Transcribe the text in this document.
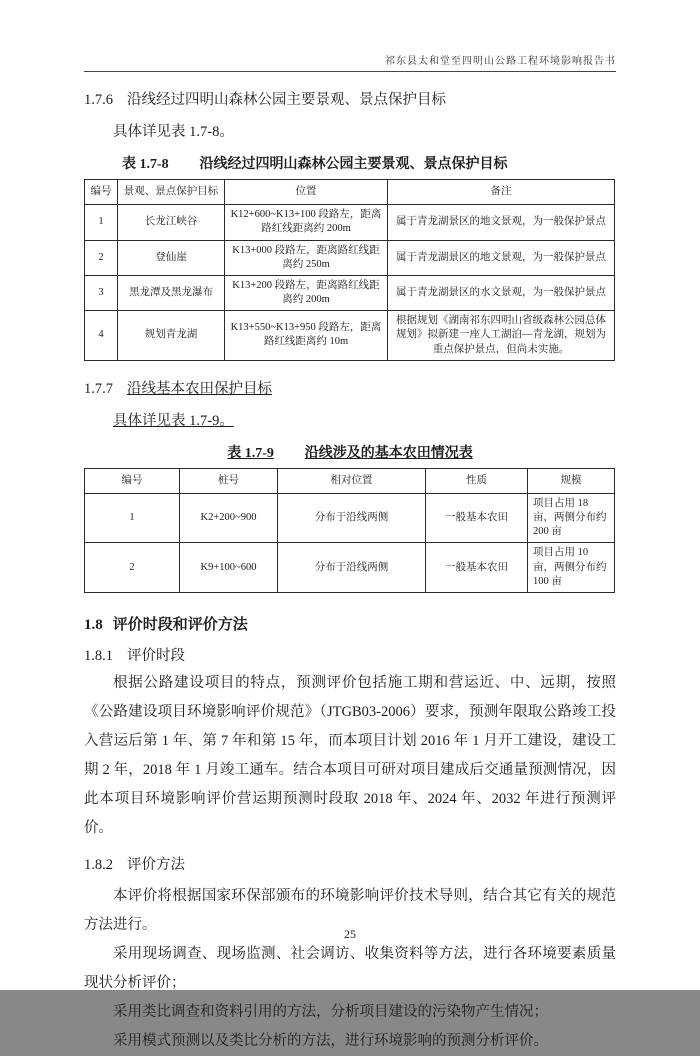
祁东县太和堂至四明山公路工程环境影响报告书
1.7.6 沿线经过四明山森林公园主要景观、景点保护目标
具体详见表 1.7-8。
表 1.7-8 沿线经过四明山森林公园主要景观、景点保护目标
编号	景观、景点保护目标	位置	备注
1	长龙江峡谷	K12+600~K13+100 段路左，距离路红线距离约 200m	属于青龙湖景区的地文景观，为一般保护景点
2	登仙崖	K13+000 段路左，距离路红线距离约 250m	属于青龙湖景区的地文景观，为一般保护景点
3	黑龙潭及黑龙瀑布	K13+200 段路左，距离路红线距离约 200m	属于青龙湖景区的水文景观，为一般保护景点
4	规划青龙湖	K13+550~K13+950 段路左，距离路红线距离约 10m	根据规划《湖南祁东四明山省级森林公园总体规划》拟新建一座人工湖泊—青龙湖，规划为重点保护景点，但尚未实施。
1.7.7 沿线基本农田保护目标
具体详见表 1.7-9。
表 1.7-9 沿线涉及的基本农田情况表
编号	桩号	相对位置	性质	规模
1	K2+200~900	分布于沿线两侧	一般基本农田	项目占用 18 亩，两侧分布约 200 亩
2	K9+100~600	分布于沿线两侧	一般基本农田	项目占用 10 亩，两侧分布约 100 亩
1.8 评价时段和评价方法
1.8.1 评价时段
根据公路建设项目的特点，预测评价包括施工期和营运近、中、远期，按照《公路建设项目环境影响评价规范》（JTGB03-2006）要求，预测年限取公路竣工投入营运后第 1 年、第 7 年和第 15 年，而本项目计划 2016 年 1 月开工建设，建设工期 2 年，2018 年 1 月竣工通车。结合本项目可研对项目建成后交通量预测情况，因此本项目环境影响评价营运期预测时段取 2018 年、2024 年、2032 年进行预测评价。
1.8.2 评价方法
本评价将根据国家环保部颁布的环境影响评价技术导则，结合其它有关的规范方法进行。
采用现场调查、现场监测、社会调访、收集资料等方法，进行各环境要素质量现状分析评价；
采用类比调查和资料引用的方法，分析项目建设的污染物产生情况；
采用模式预测以及类比分析的方法，进行环境影响的预测分析评价。
25
